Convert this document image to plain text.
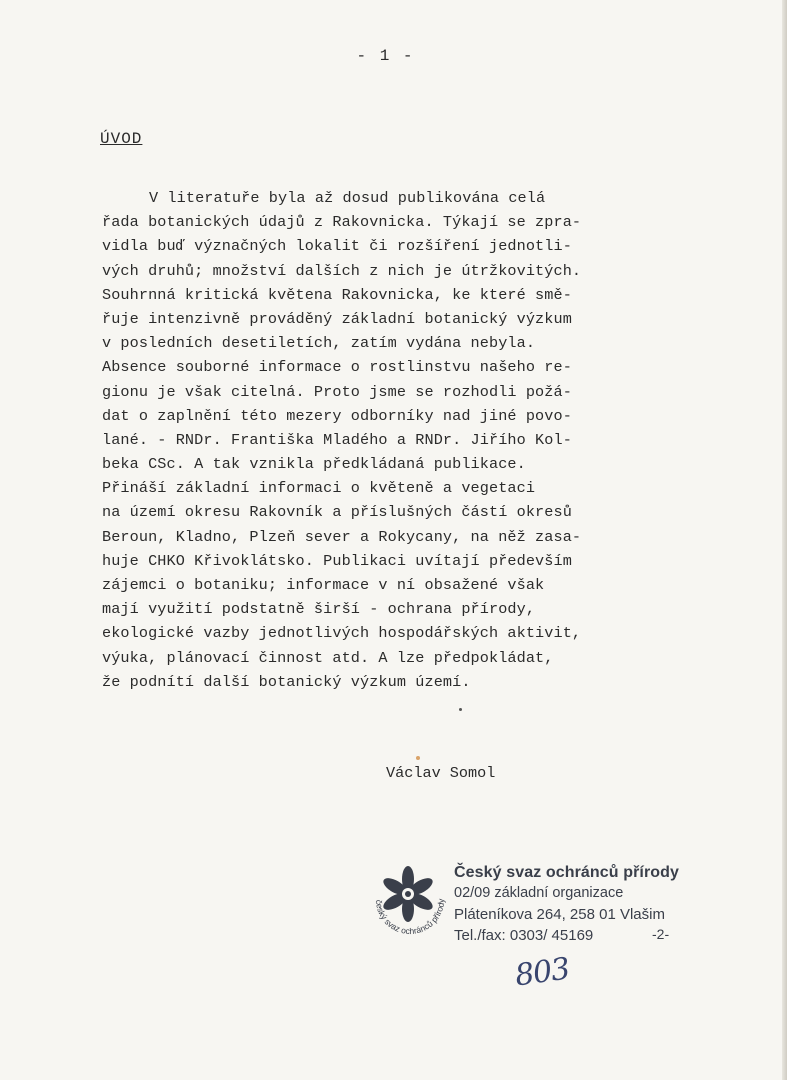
- 1 -
ÚVOD
V literatuře byla až dosud publikována celá
řada botanických údajů z Rakovnicka. Týkají se zpra-
vidla buď význačných lokalit či rozšíření jednotli-
vých druhů; množství dalších z nich je útržkovitých.
Souhrnná kritická květena Rakovnicka, ke které smě-
řuje intenzivně prováděný základní botanický výzkum
v posledních desetiletích, zatím vydána nebyla.
Absence souborné informace o rostlinstvu našeho re-
gionu je však citelná. Proto jsme se rozhodli požá-
dat o zaplnění této mezery odborníky nad jiné povo-
lané. - RNDr. Františka Mladého a RNDr. Jiřího Kol-
beka CSc. A tak vznikla předkládaná publikace.
Přináší základní informaci o květeně a vegetaci
na území okresu Rakovník a příslušných částí okresů
Beroun, Kladno, Plzeň sever a Rokycany, na něž zasa-
huje CHKO Křivoklátsko. Publikaci uvítají především
zájemci o botaniku; informace v ní obsažené však
mají využití podstatně širší - ochrana přírody,
ekologické vazby jednotlivých hospodářských aktivit,
výuka, plánovací činnost atd. A lze předpokládat,
že podnítí další botanický výzkum území.
Václav Somol
český svaz ochránců přírody
Český svaz ochránců přírody
02/09 základní organizace
Pláteníkova 264, 258 01 Vlašim
Tel./fax: 0303/ 45169	-2-
803
